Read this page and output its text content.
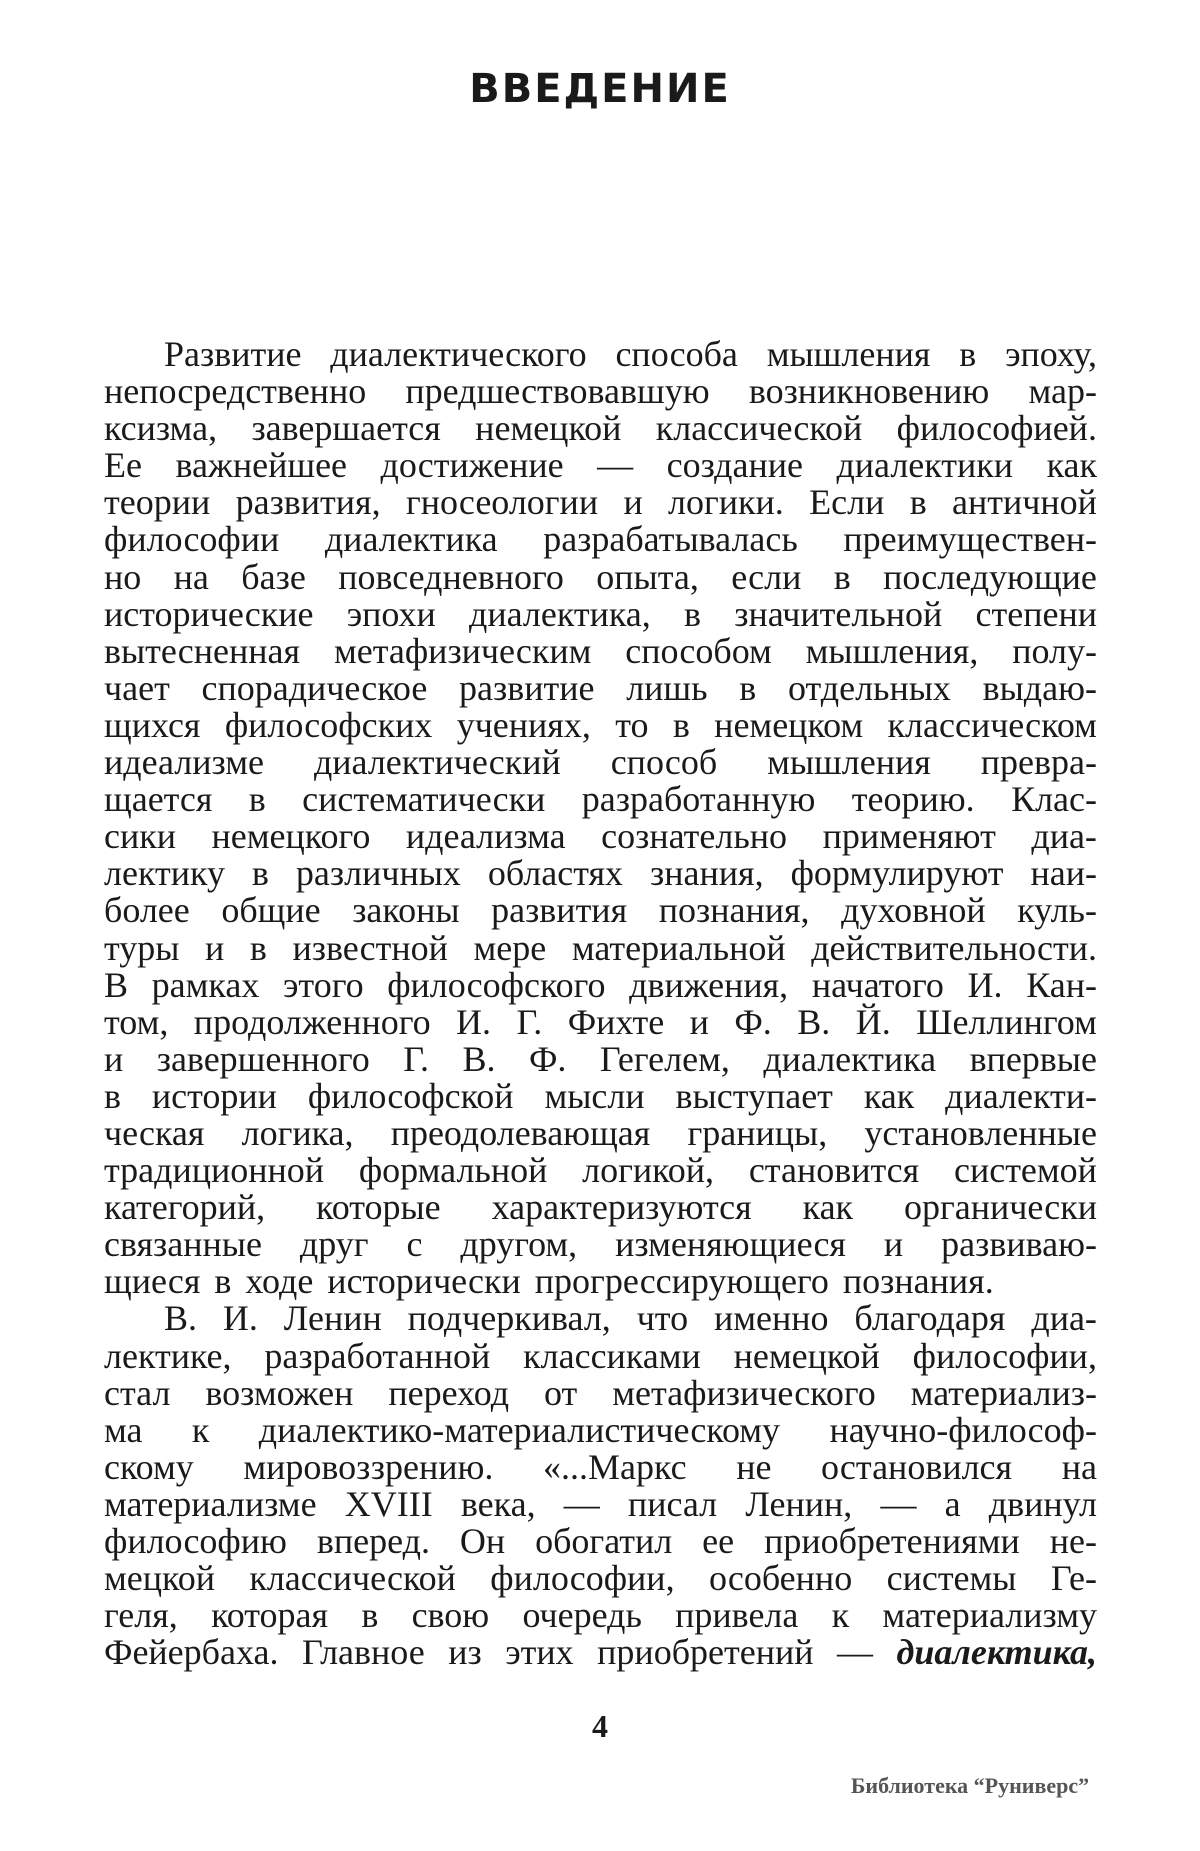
ВВЕДЕНИЕ
Развитие диалектического способа мышления в эпоху,
непосредственно предшествовавшую возникновению мар-
ксизма, завершается немецкой классической философией.
Ее важнейшее достижение — создание диалектики как
теории развития, гносеологии и логики. Если в античной
философии диалектика разрабатывалась преимуществен-
но на базе повседневного опыта, если в последующие
исторические эпохи диалектика, в значительной степени
вытесненная метафизическим способом мышления, полу-
чает спорадическое развитие лишь в отдельных выдаю-
щихся философских учениях, то в немецком классическом
идеализме диалектический способ мышления превра-
щается в систематически разработанную теорию. Клас-
сики немецкого идеализма сознательно применяют диа-
лектику в различных областях знания, формулируют наи-
более общие законы развития познания, духовной куль-
туры и в известной мере материальной действительности.
В рамках этого философского движения, начатого И. Кан-
том, продолженного И. Г. Фихте и Ф. В. Й. Шеллингом
и завершенного Г. В. Ф. Гегелем, диалектика впервые
в истории философской мысли выступает как диалекти-
ческая логика, преодолевающая границы, установленные
традиционной формальной логикой, становится системой
категорий, которые характеризуются как органически
связанные друг с другом, изменяющиеся и развиваю-
щиеся в ходе исторически прогрессирующего познания.
В. И. Ленин подчеркивал, что именно благодаря диа-
лектике, разработанной классиками немецкой философии,
стал возможен переход от метафизического материализ-
ма к диалектико-материалистическому научно-философ-
скому мировоззрению. «...Маркс не остановился на
материализме XVIII века, — писал Ленин, — а двинул
философию вперед. Он обогатил ее приобретениями не-
мецкой классической философии, особенно системы Ге-
геля, которая в свою очередь привела к материализму
Фейербаха. Главное из этих приобретений — диалектика,
4
Библиотека “Руниверс”
